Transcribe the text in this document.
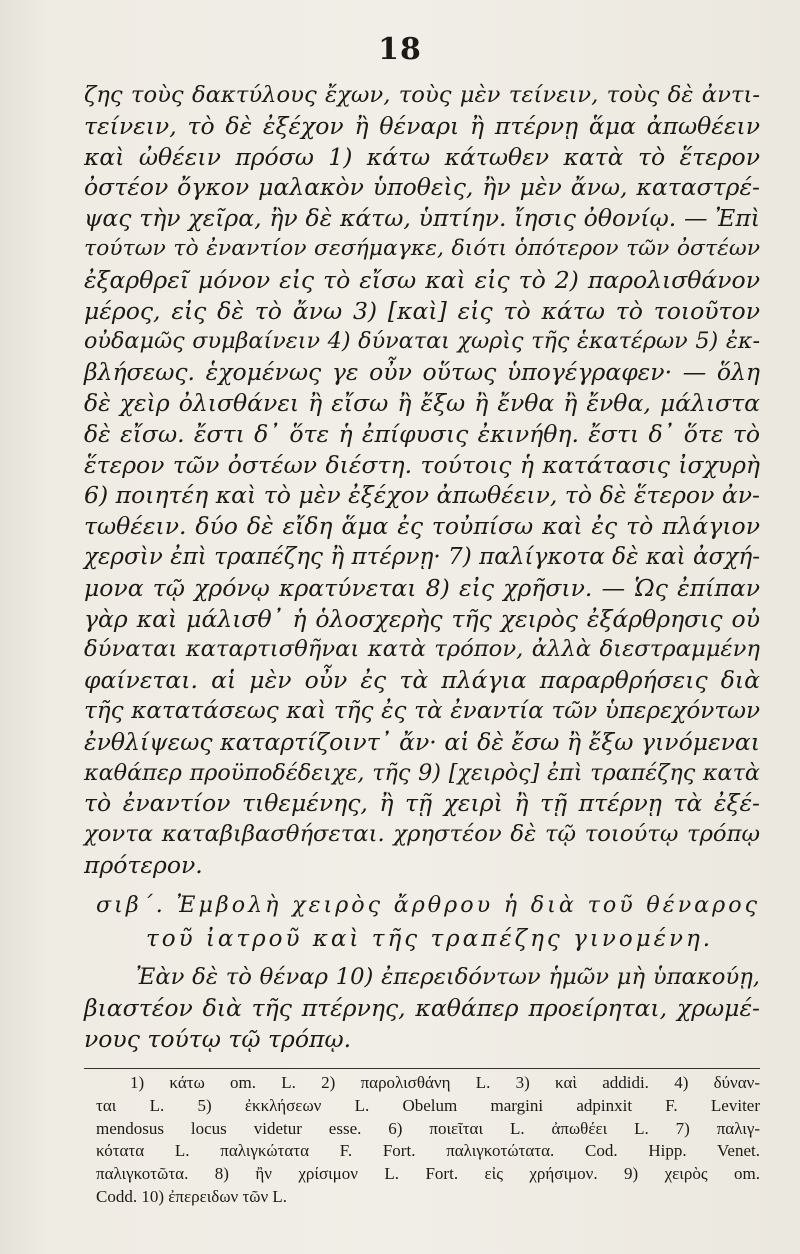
18
ζης τοὺς δακτύλους ἔχων, τοὺς μὲν τείνειν, τοὺς δὲ ἀντι-
τείνειν, τὸ δὲ ἐξέχον ἢ θέναρι ἢ πτέρνῃ ἅμα ἀπωθέειν
καὶ ὠθέειν πρόσω 1) κάτω κάτωθεν κατὰ τὸ ἕτερον
ὀστέον ὄγκον μαλακὸν ὑποθεὶς, ἢν μὲν ἄνω, καταστρέ-
ψας τὴν χεῖρα, ἢν δὲ κάτω, ὑπτίην. ἴησις ὀθονίῳ. — Ἐπὶ
τούτων τὸ ἐναντίον σεσήμαγκε, διότι ὁπότερον τῶν ὀστέων
ἐξαρθρεῖ μόνον εἰς τὸ εἴσω καὶ εἰς τὸ 2) παρολισθάνον
μέρος, εἰς δὲ τὸ ἄνω 3) [καὶ] εἰς τὸ κάτω τὸ τοιοῦτον
οὐδαμῶς συμβαίνειν 4) δύναται χωρὶς τῆς ἑκατέρων 5) ἐκ-
βλήσεως. ἑχομένως γε οὖν οὕτως ὑπογέγραφεν· — ὅλη
δὲ χεὶρ ὀλισθάνει ἢ εἴσω ἢ ἔξω ἢ ἔνθα ἢ ἔνθα, μάλιστα
δὲ εἴσω. ἔστι δ᾽ ὅτε ἡ ἐπίφυσις ἐκινήθη. ἔστι δ᾽ ὅτε τὸ
ἕτερον τῶν ὀστέων διέστη. τούτοις ἡ κατάτασις ἰσχυρὴ
6) ποιητέη καὶ τὸ μὲν ἐξέχον ἀπωθέειν, τὸ δὲ ἕτερον ἀν-
τωθέειν. δύο δὲ εἴδη ἅμα ἐς τοὐπίσω καὶ ἐς τὸ πλάγιον
χερσὶν ἐπὶ τραπέζης ἢ πτέρνῃ· 7) παλίγκοτα δὲ καὶ ἀσχή-
μονα τῷ χρόνῳ κρατύνεται 8) εἰς χρῆσιν. — Ὡς ἐπίπαν
γὰρ καὶ μάλισθ᾽ ἡ ὁλοσχερὴς τῆς χειρὸς ἐξάρθρησις οὐ
δύναται καταρτισθῆναι κατὰ τρόπον, ἀλλὰ διεστραμμένη
φαίνεται. αἱ μὲν οὖν ἐς τὰ πλάγια παραρθρήσεις διὰ
τῆς κατατάσεως καὶ τῆς ἐς τὰ ἐναντία τῶν ὑπερεχόντων
ἐνθλίψεως καταρτίζοιντ᾽ ἄν· αἱ δὲ ἔσω ἢ ἔξω γινόμεναι
καθάπερ προϋποδέδειχε, τῆς 9) [χειρὸς] ἐπὶ τραπέζης κατὰ
τὸ ἐναντίον τιθεμένης, ἢ τῇ χειρὶ ἢ τῇ πτέρνῃ τὰ ἐξέ-
χοντα καταβιβασθήσεται. χρηστέον δὲ τῷ τοιούτῳ τρόπῳ
πρότερον.
σιβ´. Ἐμβολὴ χειρὸς ἄρθρου ἡ διὰ τοῦ θέναρος
τοῦ ἰατροῦ καὶ τῆς τραπέζης γινομένη.
Ἐὰν δὲ τὸ θέναρ 10) ἐπερειδόντων ἡμῶν μὴ ὑπακούῃ,
βιαστέον διὰ τῆς πτέρνης, καθάπερ προείρηται, χρωμέ-
νους τούτῳ τῷ τρόπῳ.
1) κάτω om. L. 2) παρολισθάνη L. 3) καὶ addidi. 4) δύναν-
ται L. 5) ἐκκλήσεων L. Obelum margini adpinxit F. Leviter
mendosus locus videtur esse. 6) ποιεῖται L. ἀπωθέει L. 7) παλιγ-
κότατα L. παλιγκώτατα F. Fort. παλιγκοτώτατα. Cod. Hipp. Venet.
παλιγκοτῶτα. 8) ἢν χρίσιμον L. Fort. εἰς χρήσιμον. 9) χειρὸς om.
Codd. 10) ἐπερειδων τῶν L.
